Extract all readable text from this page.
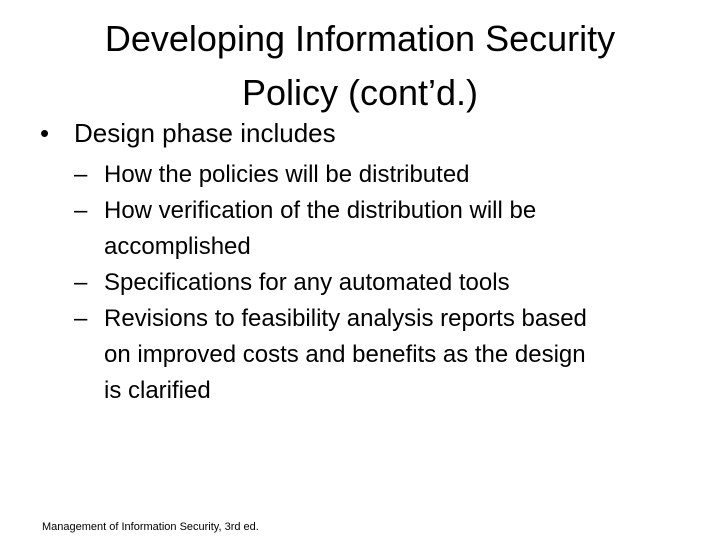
Developing Information Security
Policy (cont’d.)
• Design phase includes
– How the policies will be distributed
– How verification of the distribution will be
accomplished
– Specifications for any automated tools
– Revisions to feasibility analysis reports based
on improved costs and benefits as the design
is clarified
Management of Information Security, 3rd ed.
